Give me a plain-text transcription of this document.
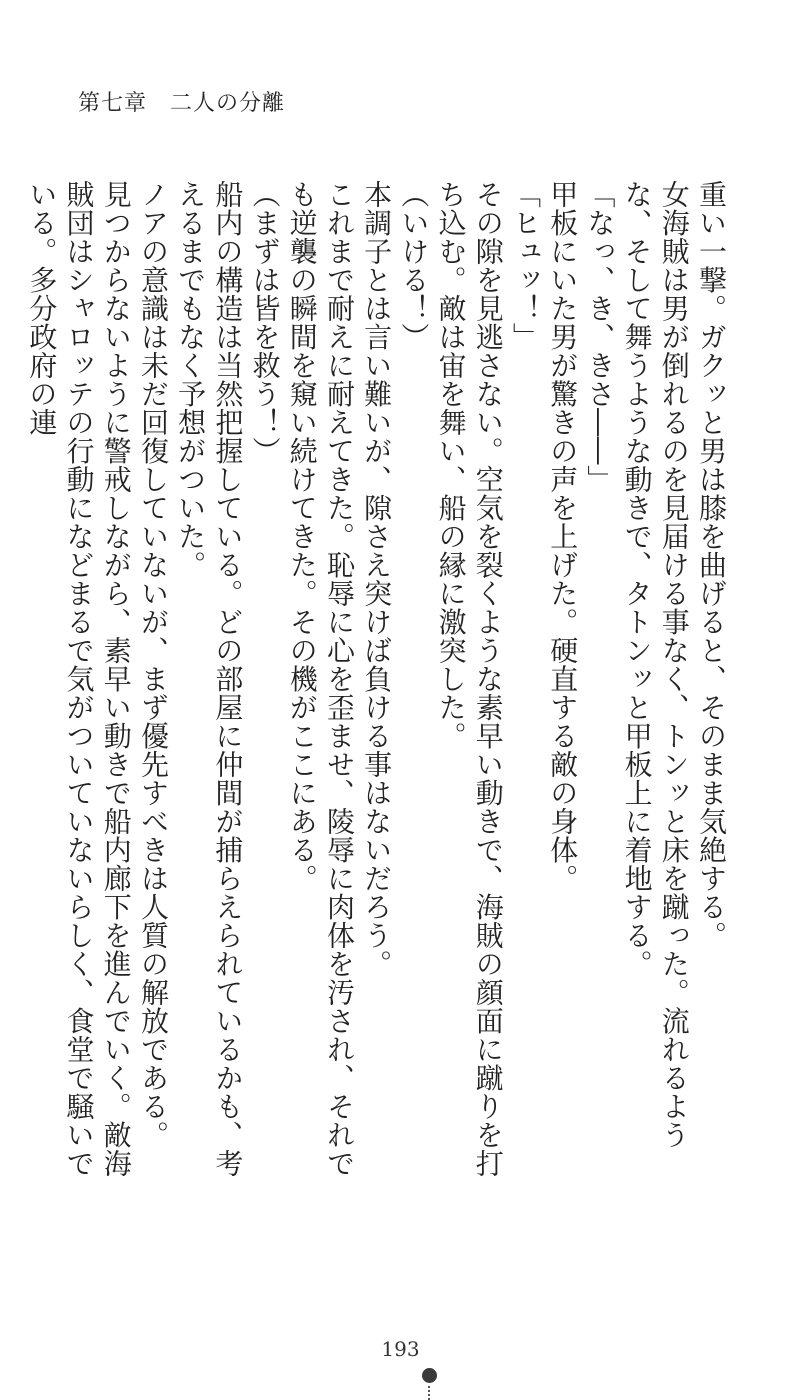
第七章　二人の分離

重い一撃。ガクッと男は膝を曲げると、そのまま気絶する。

女海賊は男が倒れるのを見届ける事なく、トンッと床を蹴った。流れるような、そして舞うような動きで、タトンッと甲板上に着地する。

「なっ、き、きさ――」

甲板にいた男が驚きの声を上げた。硬直する敵の身体。

「ヒュッ！」

その隙を見逃さない。空気を裂くような素早い動きで、海賊の顔面に蹴りを打ち込む。敵は宙を舞い、船の縁に激突した。

（いける！）

本調子とは言い難いが、隙さえ突けば負ける事はないだろう。

これまで耐えに耐えてきた。恥辱に心を歪ませ、陵辱に肉体を汚され、それでも逆襲の瞬間を窺い続けてきた。その機がここにある。

（まずは皆を救う！）

船内の構造は当然把握している。どの部屋に仲間が捕らえられているかも、考えるまでもなく予想がついた。

ノアの意識は未だ回復していないが、まず優先すべきは人質の解放である。

見つからないように警戒しながら、素早い動きで船内廊下を進んでいく。敵海賊団はシャロッテの行動になどまるで気がついていないらしく、食堂で騒いでいる。多分政府の連

193
